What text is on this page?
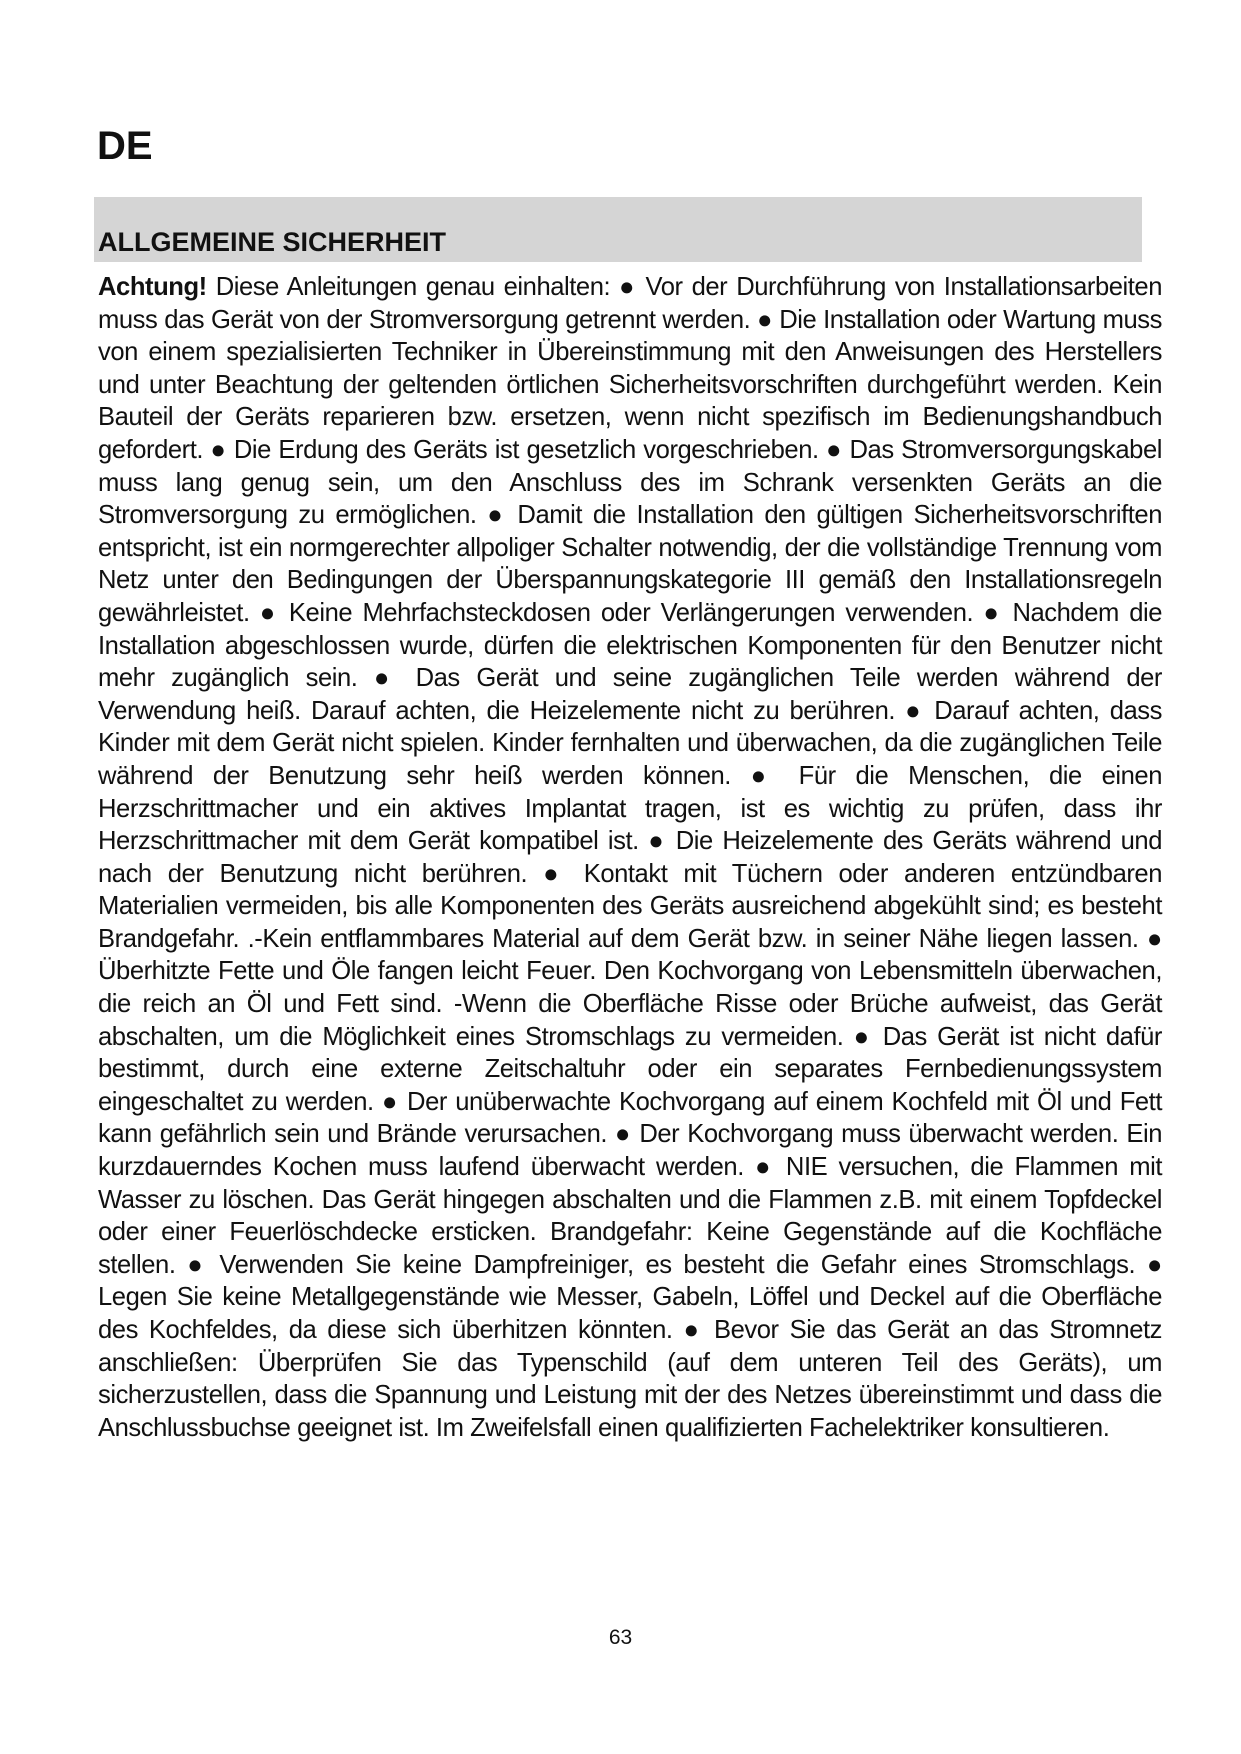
DE
ALLGEMEINE SICHERHEIT

Achtung! Diese Anleitungen genau einhalten: ● Vor der Durchführung von Installationsarbeiten muss das Gerät von der Stromversorgung getrennt werden. ● Die Installation oder Wartung muss von einem spezialisierten Techniker in Übereinstimmung mit den Anweisungen des Herstellers und unter Beachtung der geltenden örtlichen Sicherheitsvorschriften durchgeführt werden. Kein Bauteil der Geräts reparieren bzw. ersetzen, wenn nicht spezifisch im Bedienungshandbuch gefordert. ● Die Erdung des Geräts ist gesetzlich vorgeschrieben. ● Das Stromversorgungskabel muss lang genug sein, um den Anschluss des im Schrank versenkten Geräts an die Stromversorgung zu ermöglichen. ● Damit die Installation den gültigen Sicherheitsvorschriften entspricht, ist ein normgerechter allpoliger Schalter notwendig, der die vollständige Trennung vom Netz unter den Bedingungen der Überspannungskategorie III gemäß den Installationsregeln gewährleistet. ● Keine Mehrfachsteckdosen oder Verlängerungen verwenden. ● Nachdem die Installation abgeschlossen wurde, dürfen die elektrischen Komponenten für den Benutzer nicht mehr zugänglich sein. ● Das Gerät und seine zugänglichen Teile werden während der Verwendung heiß. Darauf achten, die Heizelemente nicht zu berühren. ● Darauf achten, dass Kinder mit dem Gerät nicht spielen. Kinder fernhalten und überwachen, da die zugänglichen Teile während der Benutzung sehr heiß werden können. ● Für die Menschen, die einen Herzschrittmacher und ein aktives Implantat tragen, ist es wichtig zu prüfen, dass ihr Herzschrittmacher mit dem Gerät kompatibel ist. ● Die Heizelemente des Geräts während und nach der Benutzung nicht berühren. ● Kontakt mit Tüchern oder anderen entzündbaren Materialien vermeiden, bis alle Komponenten des Geräts ausreichend abgekühlt sind; es besteht Brandgefahr. .-Kein entflammbares Material auf dem Gerät bzw. in seiner Nähe liegen lassen. ● Überhitzte Fette und Öle fangen leicht Feuer. Den Kochvorgang von Lebensmitteln überwachen, die reich an Öl und Fett sind. -Wenn die Oberfläche Risse oder Brüche aufweist, das Gerät abschalten, um die Möglichkeit eines Stromschlags zu vermeiden. ● Das Gerät ist nicht dafür bestimmt, durch eine externe Zeitschaltuhr oder ein separates Fernbedienungssystem eingeschaltet zu werden. ● Der unüberwachte Kochvorgang auf einem Kochfeld mit Öl und Fett kann gefährlich sein und Brände verursachen. ● Der Kochvorgang muss überwacht werden. Ein kurzdauerndes Kochen muss laufend überwacht werden. ● NIE versuchen, die Flammen mit Wasser zu löschen. Das Gerät hingegen abschalten und die Flammen z.B. mit einem Topfdeckel oder einer Feuerlöschdecke ersticken. Brandgefahr: Keine Gegenstände auf die Kochfläche stellen. ● Verwenden Sie keine Dampfreiniger, es besteht die Gefahr eines Stromschlags. ● Legen Sie keine Metallgegenstände wie Messer, Gabeln, Löffel und Deckel auf die Oberfläche des Kochfeldes, da diese sich überhitzen könnten. ● Bevor Sie das Gerät an das Stromnetz anschließen: Überprüfen Sie das Typenschild (auf dem unteren Teil des Geräts), um sicherzustellen, dass die Spannung und Leistung mit der des Netzes übereinstimmt und dass die Anschlussbuchse geeignet ist. Im Zweifelsfall einen qualifizierten Fachelektriker konsultieren.

63
